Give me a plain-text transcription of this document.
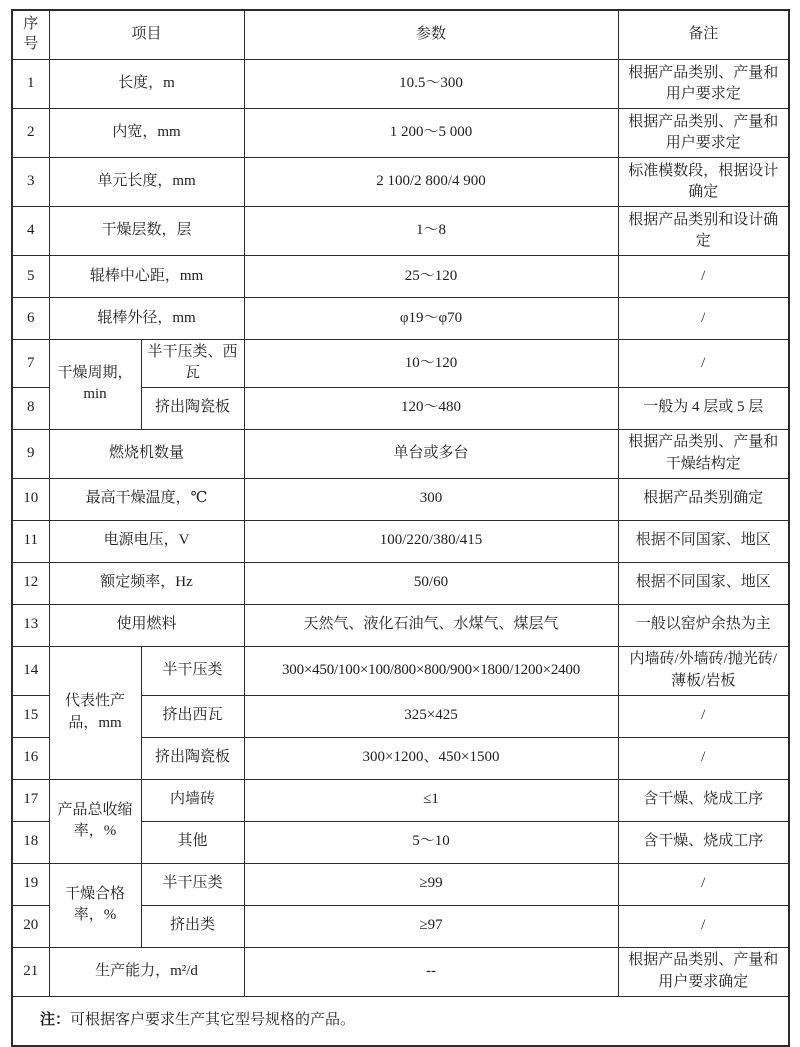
序号	项目		参数	备注
1	长度，m		10.5～300	根据产品类别、产量和用户要求定
2	内宽，mm		1 200～5 000	根据产品类别、产量和用户要求定
3	单元长度，mm		2 100/2 800/4 900	标准模数段，根据设计确定
4	干燥层数，层		1～8	根据产品类别和设计确定
5	辊棒中心距，mm		25～120	/
6	辊棒外径，mm		φ19～φ70	/
7	干燥周期，min	半干压类、西瓦	10～120	/
8		挤出陶瓷板	120～480	一般为 4 层或 5 层
9	燃烧机数量		单台或多台	根据产品类别、产量和干燥结构定
10	最高干燥温度，℃		300	根据产品类别确定
11	电源电压，V		100/220/380/415	根据不同国家、地区
12	额定频率，Hz		50/60	根据不同国家、地区
13	使用燃料		天然气、液化石油气、水煤气、煤层气	一般以窑炉余热为主
14	代表性产品，mm	半干压类	300×450/100×100/800×800/900×1800/1200×2400	内墙砖/外墙砖/抛光砖/薄板/岩板
15		挤出西瓦	325×425	/
16		挤出陶瓷板	300×1200、450×1500	/
17	产品总收缩率，%	内墙砖	≤1	含干燥、烧成工序
18		其他	5～10	含干燥、烧成工序
19	干燥合格率，%	半干压类	≥99	/
20		挤出类	≥97	/
21	生产能力，m²/d		--	根据产品类别、产量和用户要求确定
注：可根据客户要求生产其它型号规格的产品。				
